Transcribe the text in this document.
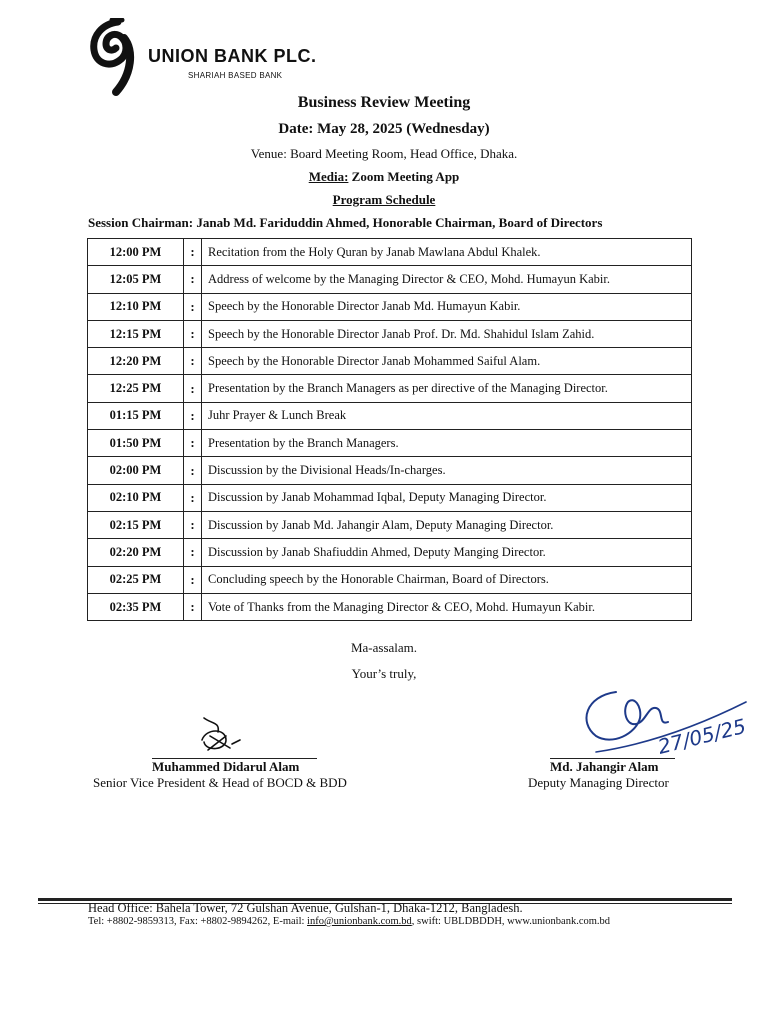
UNION BANK PLC.
SHARIAH BASED BANK
Business Review Meeting
Date: May 28, 2025 (Wednesday)
Venue: Board Meeting Room, Head Office, Dhaka.
Media: Zoom Meeting App
Program Schedule
Session Chairman: Janab Md. Fariduddin Ahmed, Honorable Chairman, Board of Directors
12:00 PM	:	Recitation from the Holy Quran by Janab Mawlana Abdul Khalek.
12:05 PM	:	Address of welcome by the Managing Director & CEO, Mohd. Humayun Kabir.
12:10 PM	:	Speech by the Honorable Director Janab Md. Humayun Kabir.
12:15 PM	:	Speech by the Honorable Director Janab Prof. Dr. Md. Shahidul Islam Zahid.
12:20 PM	:	Speech by the Honorable Director Janab Mohammed Saiful Alam.
12:25 PM	:	Presentation by the Branch Managers as per directive of the Managing Director.
01:15 PM	:	Juhr Prayer & Lunch Break
01:50 PM	:	Presentation by the Branch Managers.
02:00 PM	:	Discussion by the Divisional Heads/In-charges.
02:10 PM	:	Discussion by Janab Mohammad Iqbal, Deputy Managing Director.
02:15 PM	:	Discussion by Janab Md. Jahangir Alam, Deputy Managing Director.
02:20 PM	:	Discussion by Janab Shafiuddin Ahmed, Deputy Manging Director.
02:25 PM	:	Concluding speech by the Honorable Chairman, Board of Directors.
02:35 PM	:	Vote of Thanks from the Managing Director & CEO, Mohd. Humayun Kabir.
Ma-assalam.
Your’s truly,
Muhammed Didarul Alam
Senior Vice President & Head of BOCD & BDD
27/05/25
Md. Jahangir Alam
Deputy Managing Director
Head Office: Bahela Tower, 72 Gulshan Avenue, Gulshan-1, Dhaka-1212, Bangladesh.
Tel: +8802-9859313, Fax: +8802-9894262, E-mail: info@unionbank.com.bd, swift: UBLDBDDH, www.unionbank.com.bd
